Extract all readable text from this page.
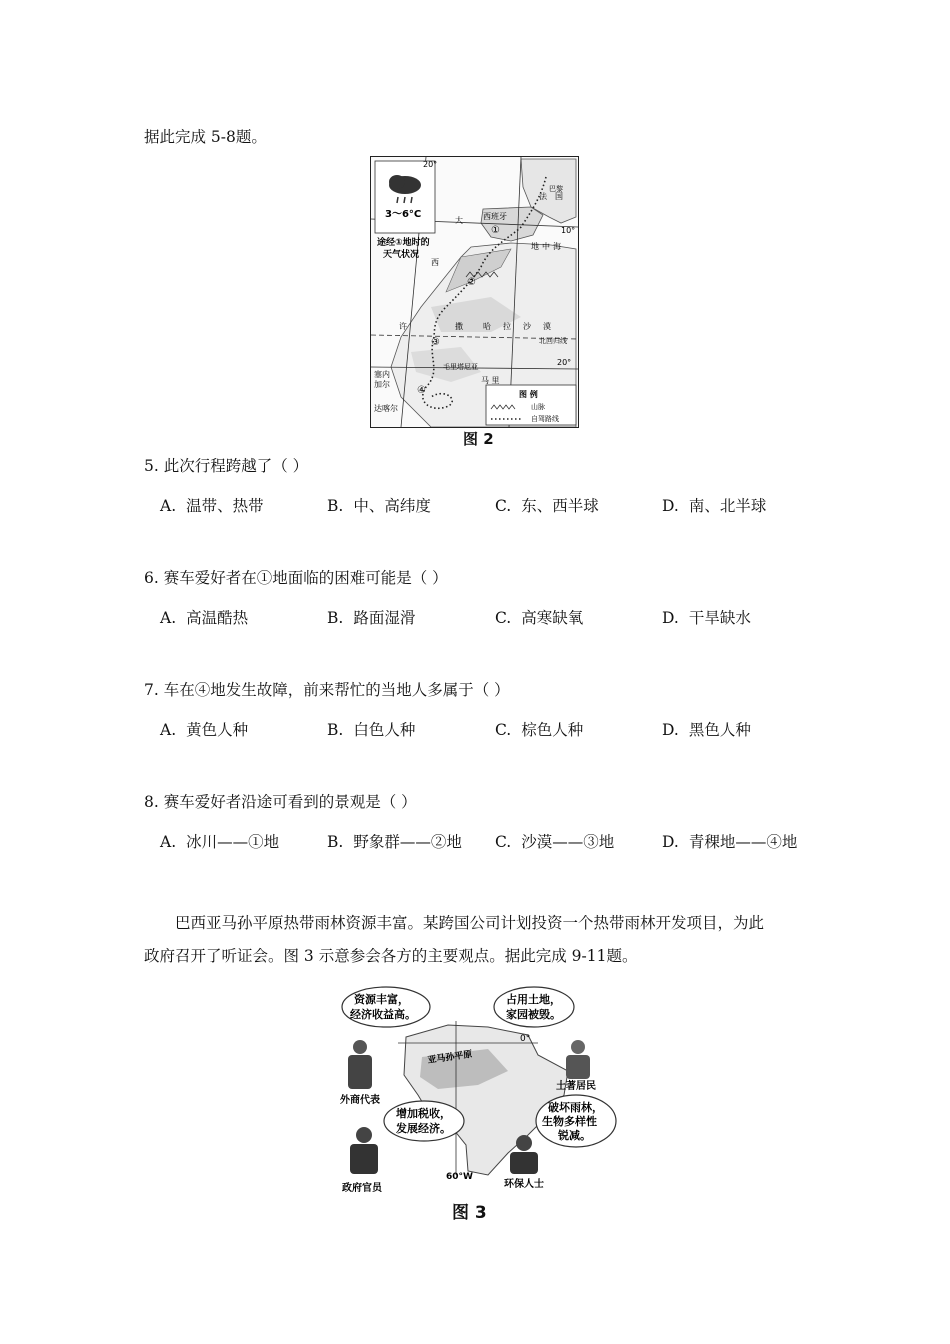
据此完成 5-8题。
3～6°C
途经①地时的
天气状况
20°
10°
20°
巴黎
法 国
西班牙
大
西
地 中 海
撒	哈 拉 沙 漠
许
北回归线
毛里塔尼亚
马 里
塞内
加尔
达喀尔
①
②
③
④	图 例
山脉
自驾路线
图 2
5. 此次行程跨越了（ ）
A. 温带、热带	B. 中、高纬度	C. 东、西半球	D. 南、北半球
6. 赛车爱好者在①地面临的困难可能是（ ）
A. 高温酷热	B. 路面湿滑	C. 高寒缺氧	D. 干旱缺水
7. 车在④地发生故障，前来帮忙的当地人多属于（ ）
A. 黄色人种	B. 白色人种	C. 棕色人种	D. 黑色人种
8. 赛车爱好者沿途可看到的景观是（ ）
A. 冰川——①地	B. 野象群——②地 C. 沙漠——③地	D. 青稞地——④地
巴西亚马孙平原热带雨林资源丰富。某跨国公司计划投资一个热带雨林开发项目，为此
政府召开了听证会。图 3 示意参会各方的主要观点。据此完成 9-11题。
亚马孙平原
0°
60°W
资源丰富，
经济收益高。
占用土地，
家园被毁。
增加税收，
发展经济。
破坏雨林，
生物多样性
锐减。
外商代表
土著居民
政府官员	环保人士
图 3
